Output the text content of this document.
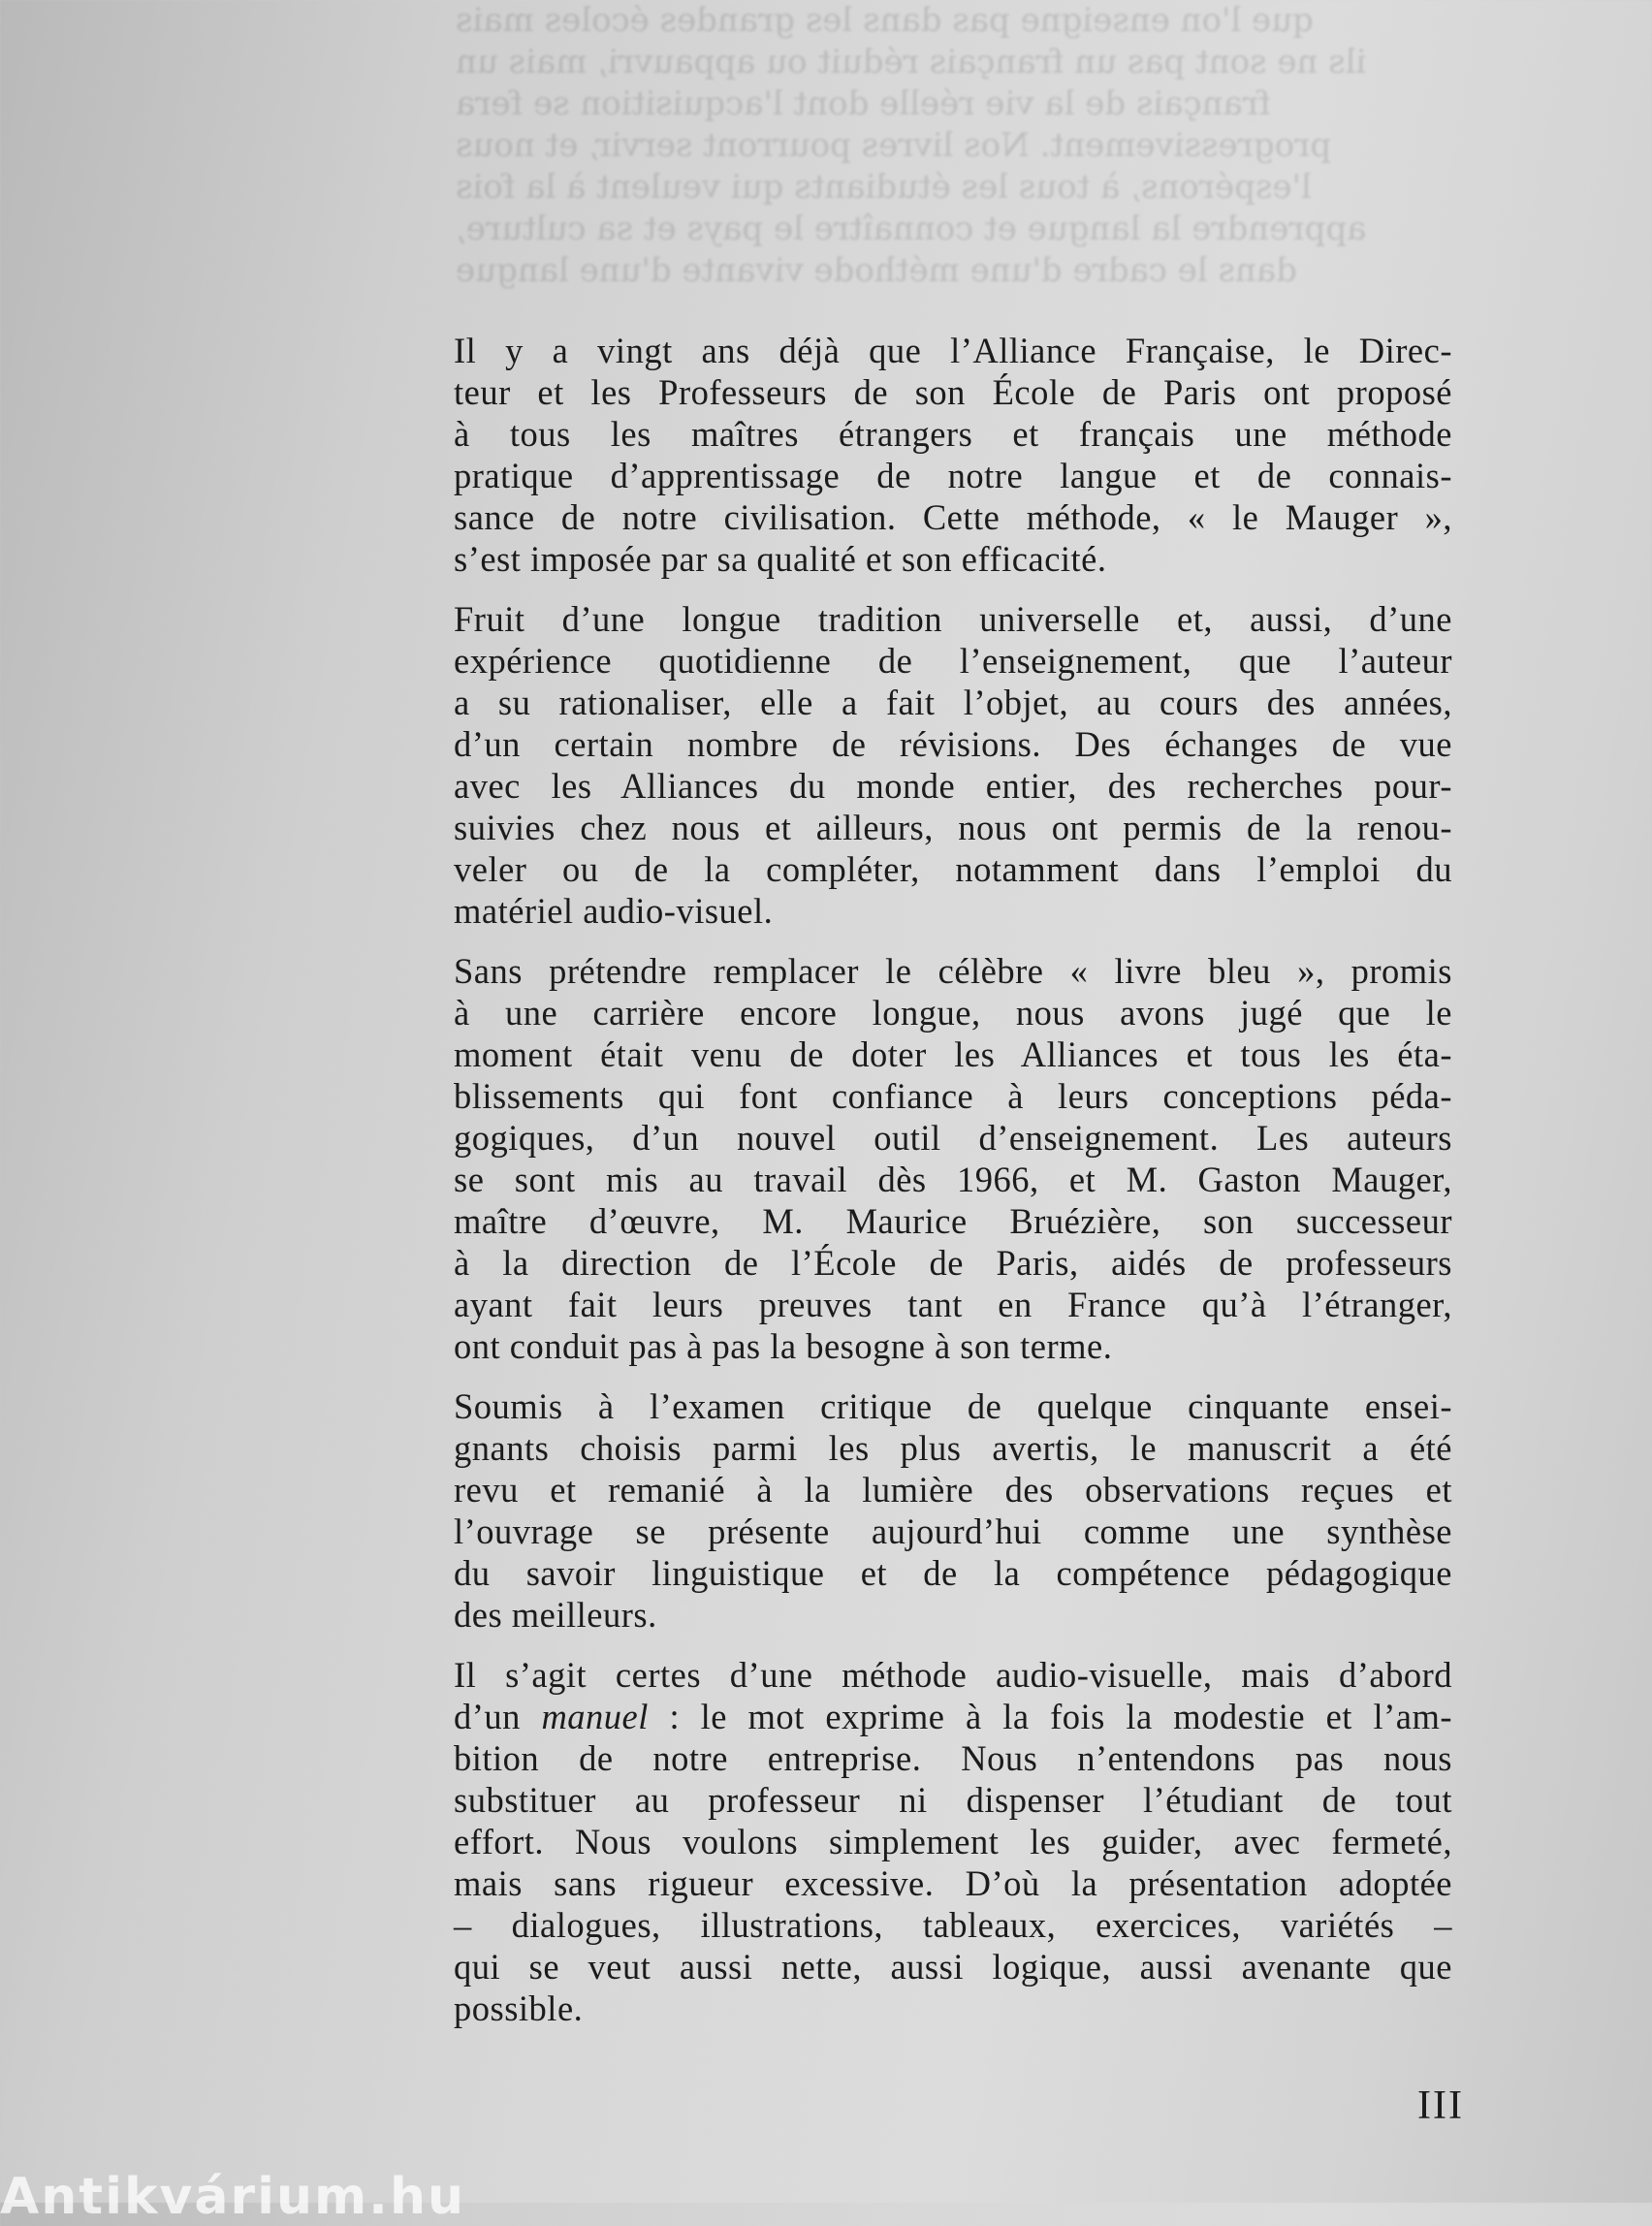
que l'on enseigne pas dans les grandes écoles mais
ils ne sont pas un français réduit ou appauvri, mais un
français de la vie réelle dont l'acquisition se fera
progressivement. Nos livres pourront servir, et nous
l'espérons, à tous les étudiants qui veulent à la fois
apprendre la langue et connaître le pays et sa culture,
dans le cadre d'une méthode vivante d'une langue

Il y a vingt ans déjà que l’Alliance Française, le Direc-
teur et les Professeurs de son École de Paris ont proposé
à tous les maîtres étrangers et français une méthode
pratique d’apprentissage de notre langue et de connais-
sance de notre civilisation. Cette méthode, « le Mauger »,
s’est imposée par sa qualité et son efficacité.

Fruit d’une longue tradition universelle et, aussi, d’une
expérience quotidienne de l’enseignement, que l’auteur
a su rationaliser, elle a fait l’objet, au cours des années,
d’un certain nombre de révisions. Des échanges de vue
avec les Alliances du monde entier, des recherches pour-
suivies chez nous et ailleurs, nous ont permis de la renou-
veler ou de la compléter, notamment dans l’emploi du
matériel audio-visuel.

Sans prétendre remplacer le célèbre « livre bleu », promis
à une carrière encore longue, nous avons jugé que le
moment était venu de doter les Alliances et tous les éta-
blissements qui font confiance à leurs conceptions péda-
gogiques, d’un nouvel outil d’enseignement. Les auteurs
se sont mis au travail dès 1966, et M. Gaston Mauger,
maître d’œuvre, M. Maurice Bruézière, son successeur
à la direction de l’École de Paris, aidés de professeurs
ayant fait leurs preuves tant en France qu’à l’étranger,
ont conduit pas à pas la besogne à son terme.

Soumis à l’examen critique de quelque cinquante ensei-
gnants choisis parmi les plus avertis, le manuscrit a été
revu et remanié à la lumière des observations reçues et
l’ouvrage se présente aujourd’hui comme une synthèse
du savoir linguistique et de la compétence pédagogique
des meilleurs.

Il s’agit certes d’une méthode audio-visuelle, mais d’abord
d’un manuel : le mot exprime à la fois la modestie et l’am-
bition de notre entreprise. Nous n’entendons pas nous
substituer au professeur ni dispenser l’étudiant de tout
effort. Nous voulons simplement les guider, avec fermeté,
mais sans rigueur excessive. D’où la présentation adoptée
– dialogues, illustrations, tableaux, exercices, variétés –
qui se veut aussi nette, aussi logique, aussi avenante que
possible.

III
Antikvárium.hu
